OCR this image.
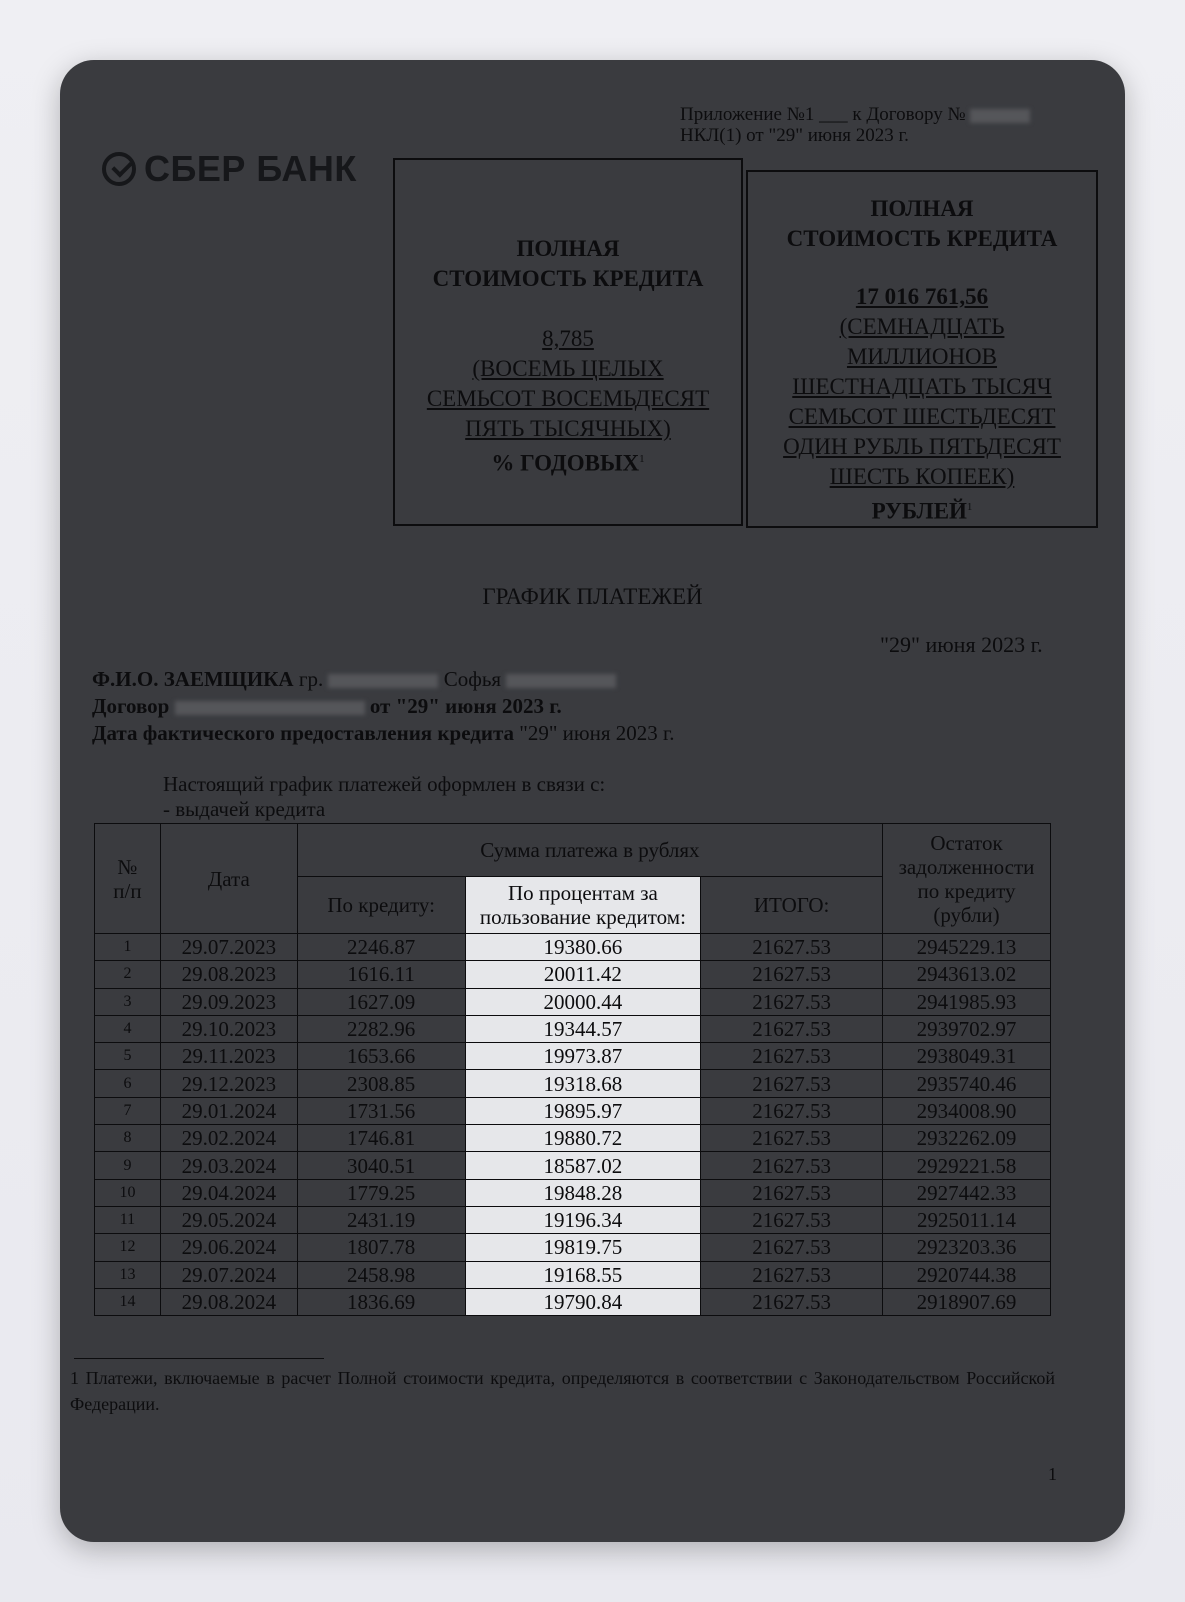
Приложение №1 ___ к Договору №
НКЛ(1) от "29" июня 2023 г.
СБЕР БАНК
ПОЛНАЯ
СТОИМОСТЬ КРЕДИТА
8,785
(ВОСЕМЬ ЦЕЛЫХ
СЕМЬСОТ ВОСЕМЬДЕСЯТ
ПЯТЬ ТЫСЯЧНЫХ)
% ГОДОВЫХ$^1$
ПОЛНАЯ
СТОИМОСТЬ КРЕДИТА
17 016 761,56
(СЕМНАДЦАТЬ
МИЛЛИОНОВ
ШЕСТНАДЦАТЬ ТЫСЯЧ
СЕМЬСОТ ШЕСТЬДЕСЯТ
ОДИН РУБЛЬ ПЯТЬДЕСЯТ
ШЕСТЬ КОПЕЕК)
РУБЛЕЙ$^1$
ГРАФИК ПЛАТЕЖЕЙ
"29" июня 2023 г.
Ф.И.О. ЗАЕМЩИКА гр.	Софья
Договор	от "29" июня 2023 г.
Дата фактического предоставления кредита "29" июня 2023 г.
Настоящий график платежей оформлен в связи с:
- выдачей кредита
№
п/п	Дата	Сумма платежа в рублях			Остаток
задолженности
по кредиту
(рубли)
		По кредиту:	По процентам за
пользование кредитом:	ИТОГО:	
1	29.07.2023	2246.87	19380.66	21627.53	2945229.13
2	29.08.2023	1616.11	20011.42	21627.53	2943613.02
3	29.09.2023	1627.09	20000.44	21627.53	2941985.93
4	29.10.2023	2282.96	19344.57	21627.53	2939702.97
5	29.11.2023	1653.66	19973.87	21627.53	2938049.31
6	29.12.2023	2308.85	19318.68	21627.53	2935740.46
7	29.01.2024	1731.56	19895.97	21627.53	2934008.90
8	29.02.2024	1746.81	19880.72	21627.53	2932262.09
9	29.03.2024	3040.51	18587.02	21627.53	2929221.58
10	29.04.2024	1779.25	19848.28	21627.53	2927442.33
11	29.05.2024	2431.19	19196.34	21627.53	2925011.14
12	29.06.2024	1807.78	19819.75	21627.53	2923203.36
13	29.07.2024	2458.98	19168.55	21627.53	2920744.38
14	29.08.2024	1836.69	19790.84	21627.53	2918907.69
1 Платежи, включаемые в расчет Полной стоимости кредита, определяются в соответствии с Законодательством Российской Федерации.
1
